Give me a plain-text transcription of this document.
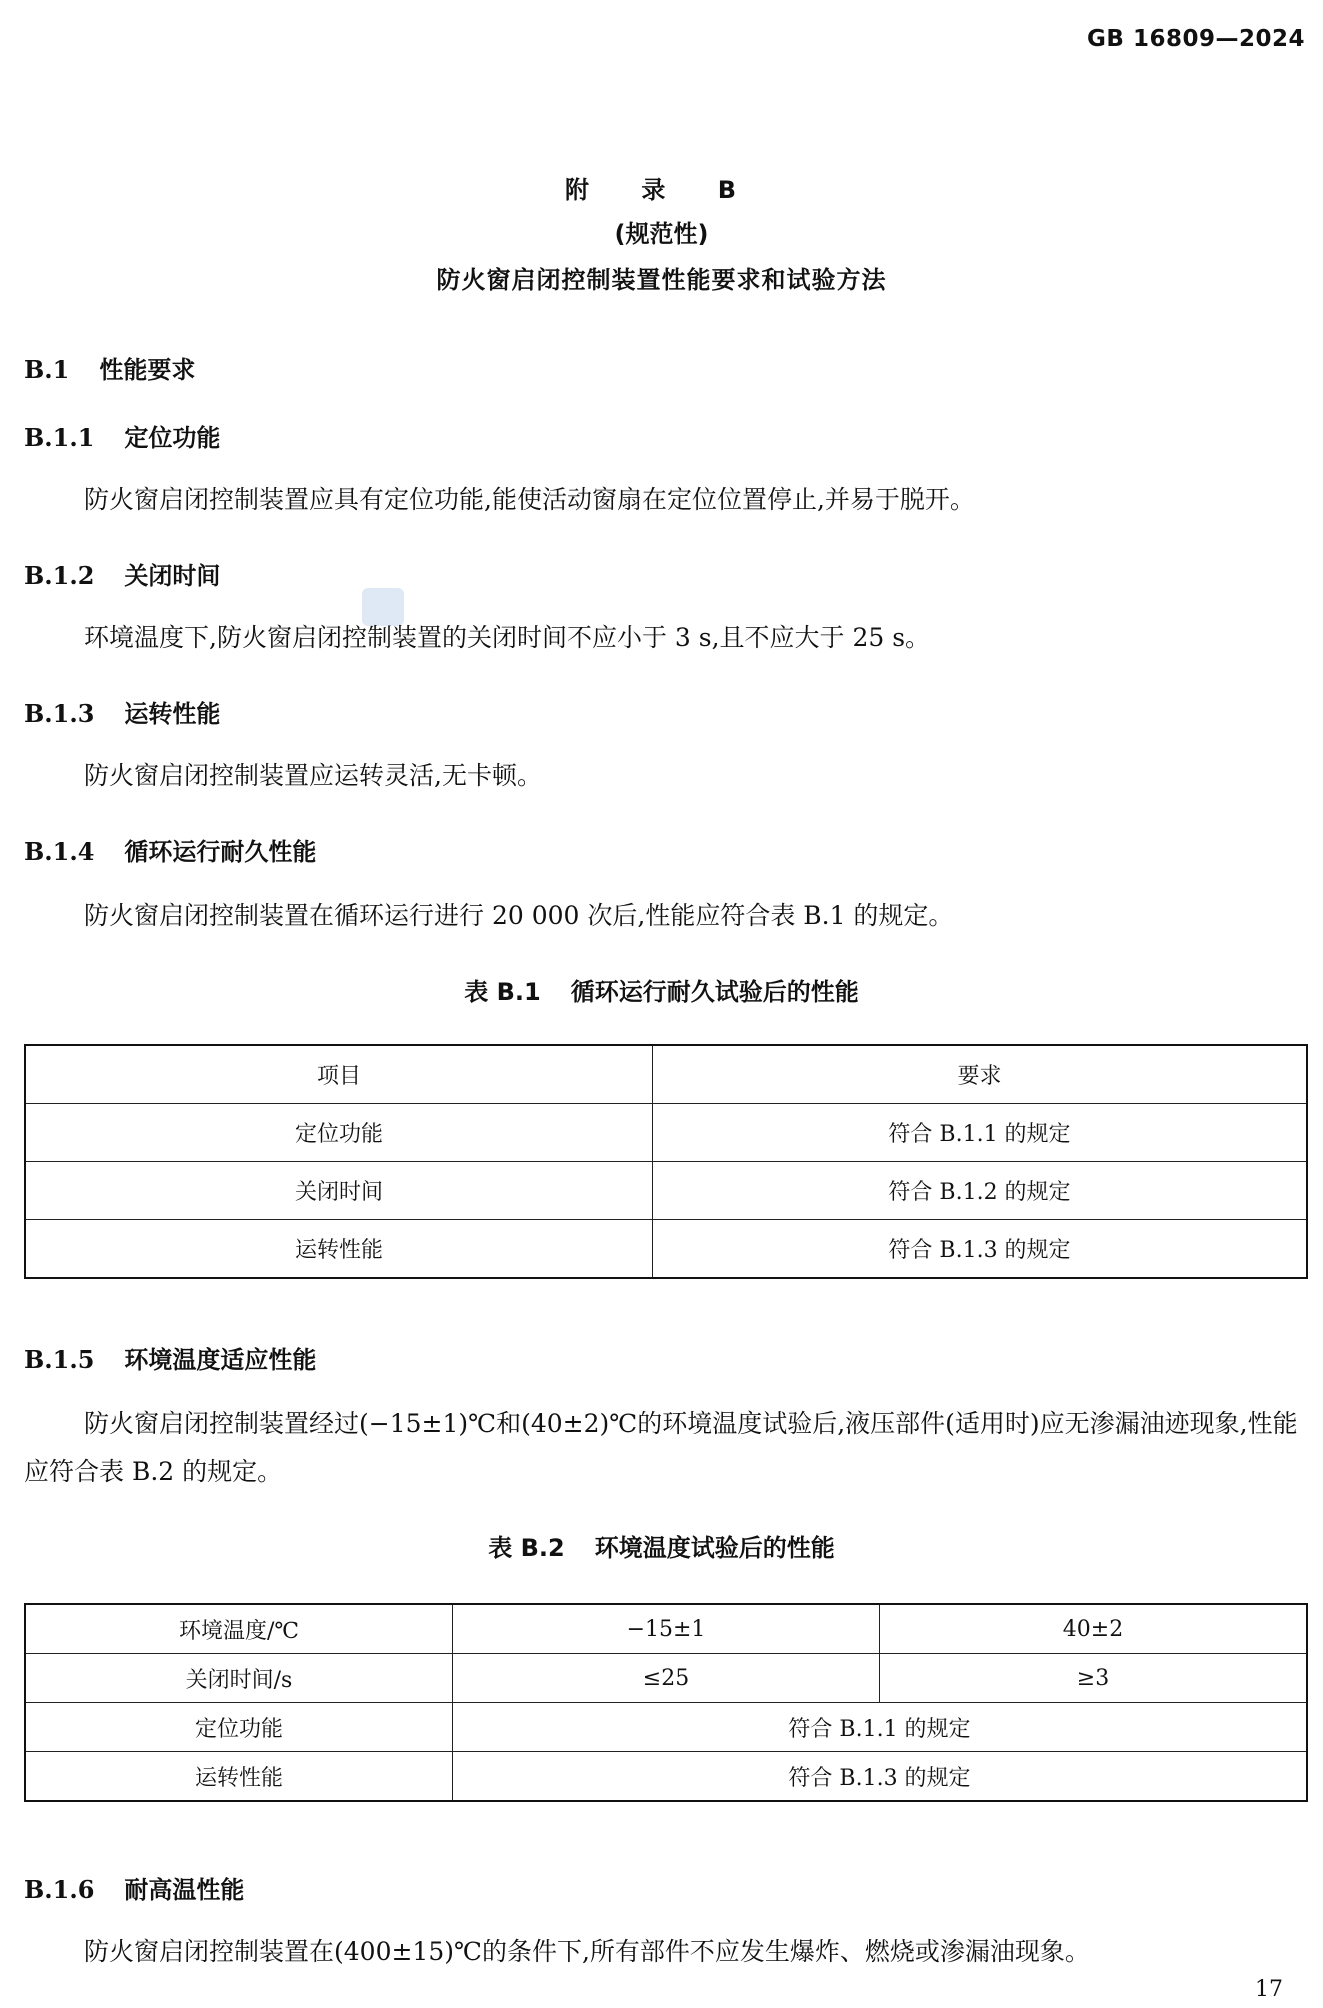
GB 16809—2024
附 录 B
(规范性)
防火窗启闭控制装置性能要求和试验方法
B.1 性能要求
B.1.1 定位功能
防火窗启闭控制装置应具有定位功能,能使活动窗扇在定位位置停止,并易于脱开。
B.1.2 关闭时间
环境温度下,防火窗启闭控制装置的关闭时间不应小于 3 s,且不应大于 25 s。
B.1.3 运转性能
防火窗启闭控制装置应运转灵活,无卡顿。
B.1.4 循环运行耐久性能
防火窗启闭控制装置在循环运行进行 20 000 次后,性能应符合表 B.1 的规定。
表 B.1 循环运行耐久试验后的性能
项目	要求
定位功能	符合 B.1.1 的规定
关闭时间	符合 B.1.2 的规定
运转性能	符合 B.1.3 的规定
B.1.5 环境温度适应性能
防火窗启闭控制装置经过(−15±1)℃和(40±2)℃的环境温度试验后,液压部件(适用时)应无渗漏油迹现象,性能应符合表 B.2 的规定。
表 B.2 环境温度试验后的性能
环境温度/℃	−15±1	40±2
关闭时间/s	≤25	≥3
定位功能	符合 B.1.1 的规定	
运转性能	符合 B.1.3 的规定	
B.1.6 耐高温性能
防火窗启闭控制装置在(400±15)℃的条件下,所有部件不应发生爆炸、燃烧或渗漏油现象。
17
